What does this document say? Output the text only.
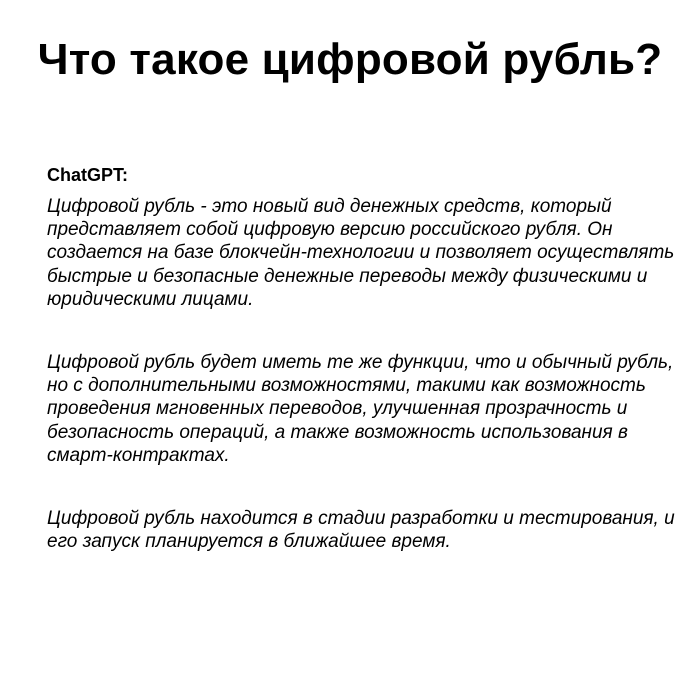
Что такое цифровой рубль?
ChatGPT:

Цифровой рубль - это новый вид денежных средств, который представляет собой цифровую версию российского рубля. Он создается на базе блокчейн-технологии и позволяет осуществлять быстрые и безопасные денежные переводы между физическими и юридическими лицами.

Цифровой рубль будет иметь те же функции, что и обычный рубль, но с дополнительными возможностями, такими как возможность проведения мгновенных переводов, улучшенная прозрачность и безопасность операций, а также возможность использования в смарт-контрактах.

Цифровой рубль находится в стадии разработки и тестирования, и его запуск планируется в ближайшее время.
